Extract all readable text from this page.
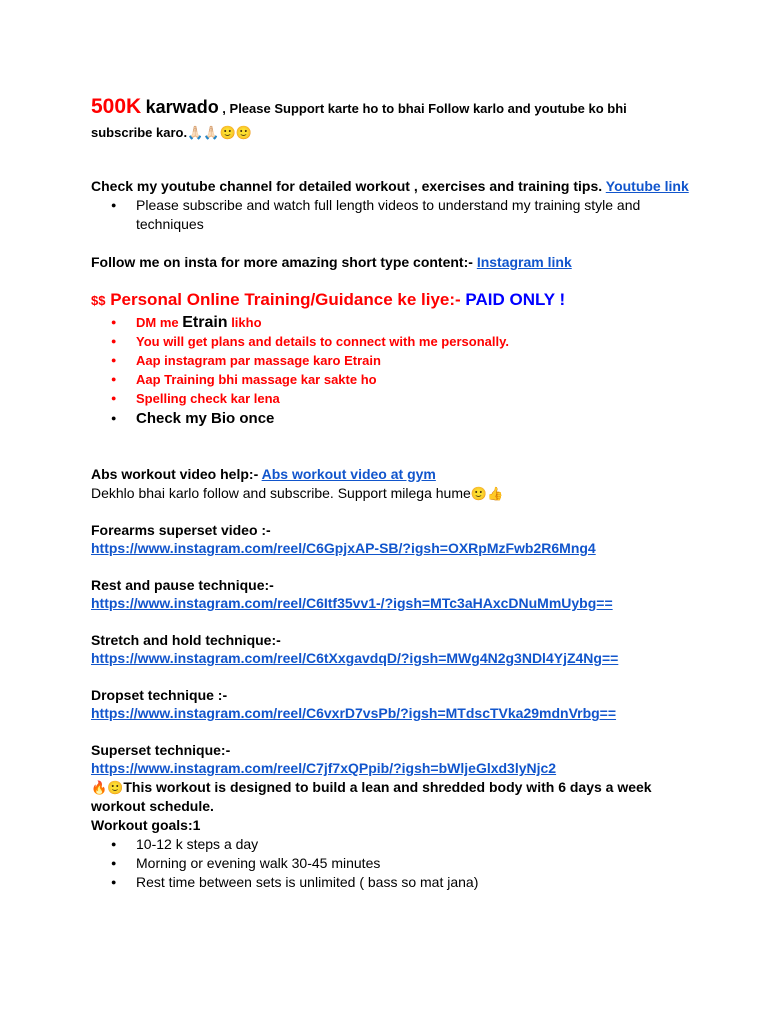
500K karwado , Please Support karte ho to bhai Follow karlo and youtube ko bhi

subscribe karo.🙏🏻🙏🏻🙂🙂

Check my youtube channel for detailed workout , exercises and training tips. Youtube link

● Please subscribe and watch full length videos to understand my training style and techniques

Follow me on insta for more amazing short type content:- Instagram link

$$ Personal Online Training/Guidance ke liye:- PAID ONLY !

● DM me Etrain likho
● You will get plans and details to connect with me personally.
● Aap instagram par massage karo Etrain
● Aap Training bhi massage kar sakte ho
● Spelling check kar lena
● Check my Bio once

Abs workout video help:- Abs workout video at gym

Dekhlo bhai karlo follow and subscribe. Support milega hume🙂👍

Forearms superset video :-

https://www.instagram.com/reel/C6GpjxAP-SB/?igsh=OXRpMzFwb2R6Mng4

Rest and pause technique:-

https://www.instagram.com/reel/C6Itf35vv1-/?igsh=MTc3aHAxcDNuMmUybg==

Stretch and hold technique:-

https://www.instagram.com/reel/C6tXxgavdqD/?igsh=MWg4N2g3NDl4YjZ4Ng==

Dropset technique :-

https://www.instagram.com/reel/C6vxrD7vsPb/?igsh=MTdscTVka29mdnVrbg==

Superset technique:-

https://www.instagram.com/reel/C7jf7xQPpib/?igsh=bWljeGlxd3lyNjc2

🔥🙂This workout is designed to build a lean and shredded body with 6 days a week workout schedule.

Workout goals:1

● 10-12 k steps a day
● Morning or evening walk 30-45 minutes
● Rest time between sets is unlimited ( bass so mat jana)
